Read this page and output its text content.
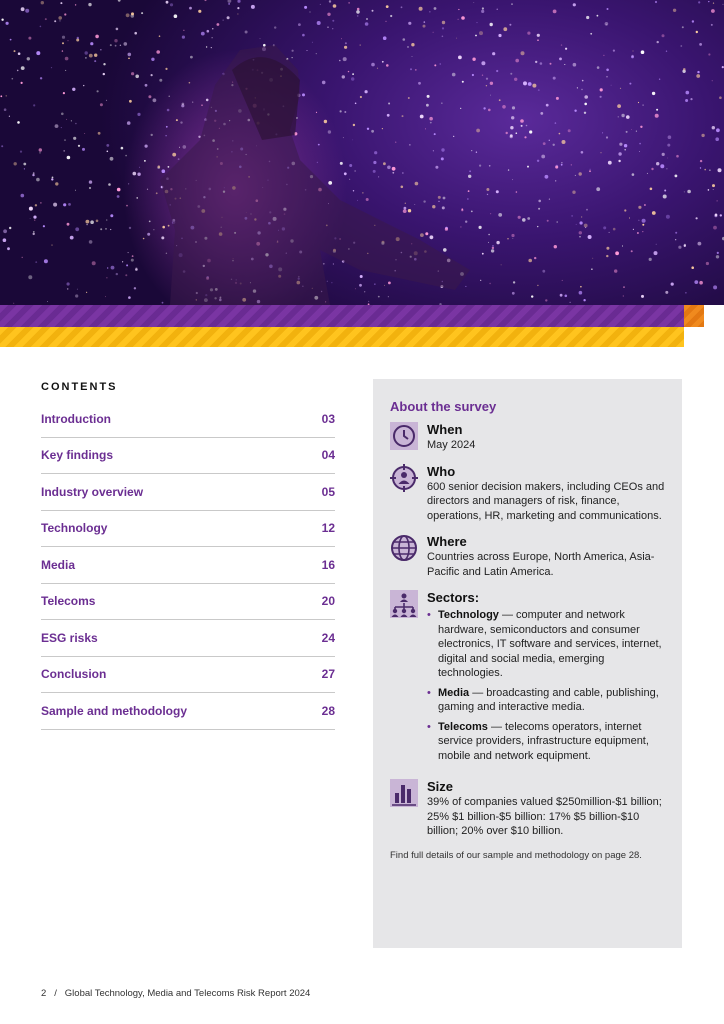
CONTENTS
Introduction	03
Key findings	04
Industry overview	05
Technology	12
Media	16
Telecoms	20
ESG risks	24
Conclusion	27
Sample and methodology	28
About the survey
When
May 2024
Who
600 senior decision makers, including CEOs and directors and managers of risk, finance, operations, HR, marketing and communications.
Where
Countries across Europe, North America, Asia-Pacific and Latin America.
Sectors:
• Technology — computer and network hardware, semiconductors and consumer electronics, IT software and services, internet, digital and social media, emerging technologies.
• Media — broadcasting and cable, publishing, gaming and interactive media.
• Telecoms — telecoms operators, internet service providers, infrastructure equipment, mobile and network equipment.
Size
39% of companies valued $250million-$1 billion; 25% $1 billion-$5 billion: 17% $5 billion-$10 billion; 20% over $10 billion.
Find full details of our sample and methodology on page 28.
2 / Global Technology, Media and Telecoms Risk Report 2024
